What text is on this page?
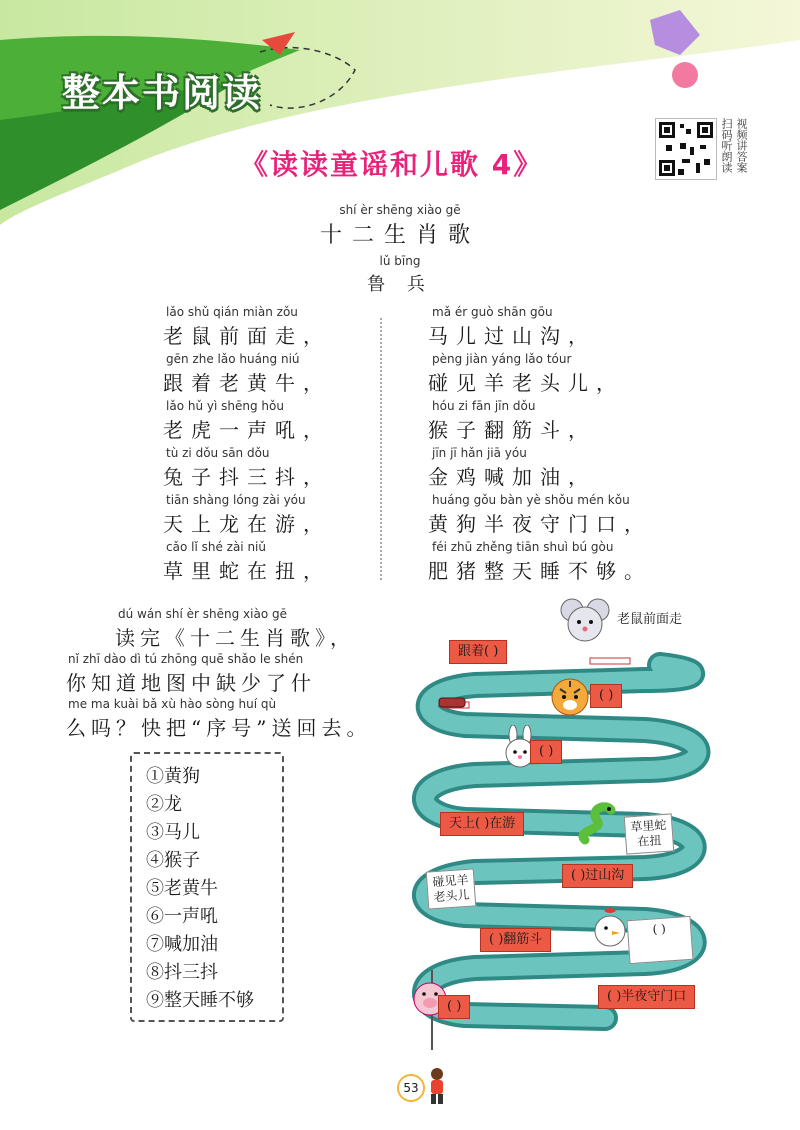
整本书阅读
《读读童谣和儿歌 4》	扫码听朗读 视频讲答案
shí èr shēng xiào gē
十二生肖歌
lǔ bīng
鲁 兵
lǎo shǔ qián miàn zǒu
老鼠前面走，
gēn zhe lǎo huáng niú
跟着老黄牛，
lǎo hǔ yì shēng hǒu
老虎一声吼，
tù zi dǒu sān dǒu
兔子抖三抖，
tiān shàng lóng zài yóu
天上龙在游，
cǎo lǐ shé zài niǔ
草里蛇在扭，
mǎ ér guò shān gōu
马儿过山沟，
pèng jiàn yáng lǎo tóur
碰见羊老头儿，
hóu zi fān jīn dǒu
猴子翻筋斗，
jīn jī hǎn jiā yóu
金鸡喊加油，
huáng gǒu bàn yè shǒu mén kǒu
黄狗半夜守门口，
féi zhū zhěng tiān shuì bú gòu
肥猪整天睡不够。
dú wán shí èr shēng xiào gē
读完《十二生肖歌》，
nǐ zhī dào dì tú zhōng quē shǎo le shén
你知道地图中缺少了什
me ma kuài bǎ xù hào sòng huí qù
么吗？快把“序号”送回去。
①黄狗
②龙
③马儿
④猴子
⑤老黄牛
⑥一声吼
⑦喊加油
⑧抖三抖
⑨整天睡不够
老鼠前面走
跟着( )
( )
( )
天上( )在游	草里蛇
在扭
碰见羊
老头儿
( )过山沟
( )翻筋斗
( )
( )半夜守门口
( )
53
